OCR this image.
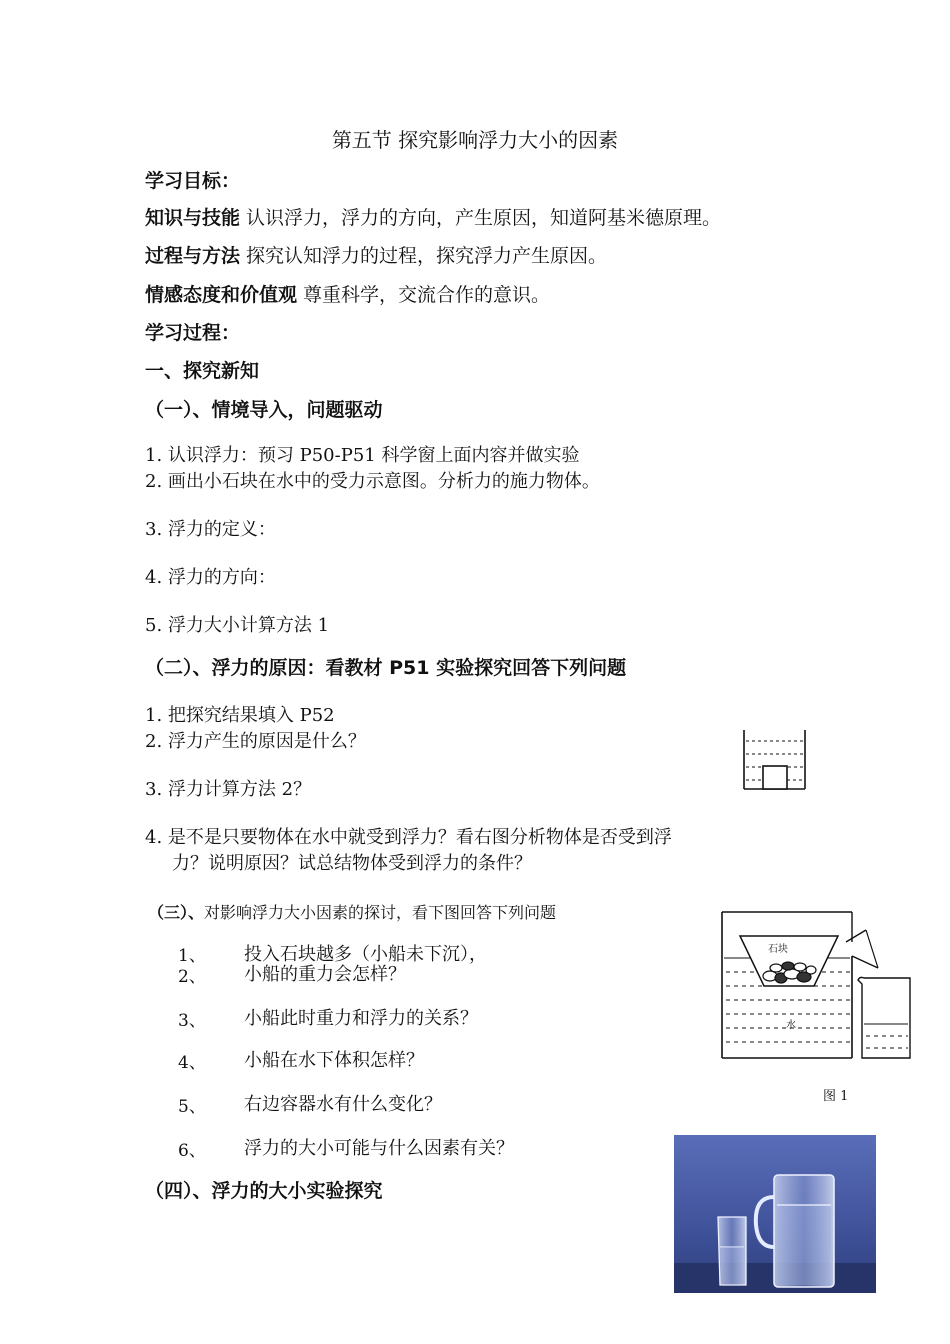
第五节 探究影响浮力大小的因素
学习目标：
知识与技能 认识浮力，浮力的方向，产生原因，知道阿基米德原理。
过程与方法 探究认知浮力的过程，探究浮力产生原因。
情感态度和价值观 尊重科学，交流合作的意识。
学习过程：
一、探究新知
（一）、情境导入，问题驱动
1. 认识浮力：预习 P50-P51 科学窗上面内容并做实验
2. 画出小石块在水中的受力示意图。分析力的施力物体。
3. 浮力的定义：
4. 浮力的方向：
5. 浮力大小计算方法 1
（二）、浮力的原因：看教材 P51 实验探究回答下列问题
1. 把探究结果填入 P52
2. 浮力产生的原因是什么？
3. 浮力计算方法 2？
4. 是不是只要物体在水中就受到浮力？看右图分析物体是否受到浮
力？说明原因？试总结物体受到浮力的条件？
（三）、对影响浮力大小因素的探讨，看下图回答下列问题
1、 投入石块越多（小船未下沉），
2、 小船的重力会怎样？
3、 小船此时重力和浮力的关系？
4、 小船在水下体积怎样？
5、 右边容器水有什么变化？
6、 浮力的大小可能与什么因素有关？
石块
水
图 1
（四）、浮力的大小实验探究
